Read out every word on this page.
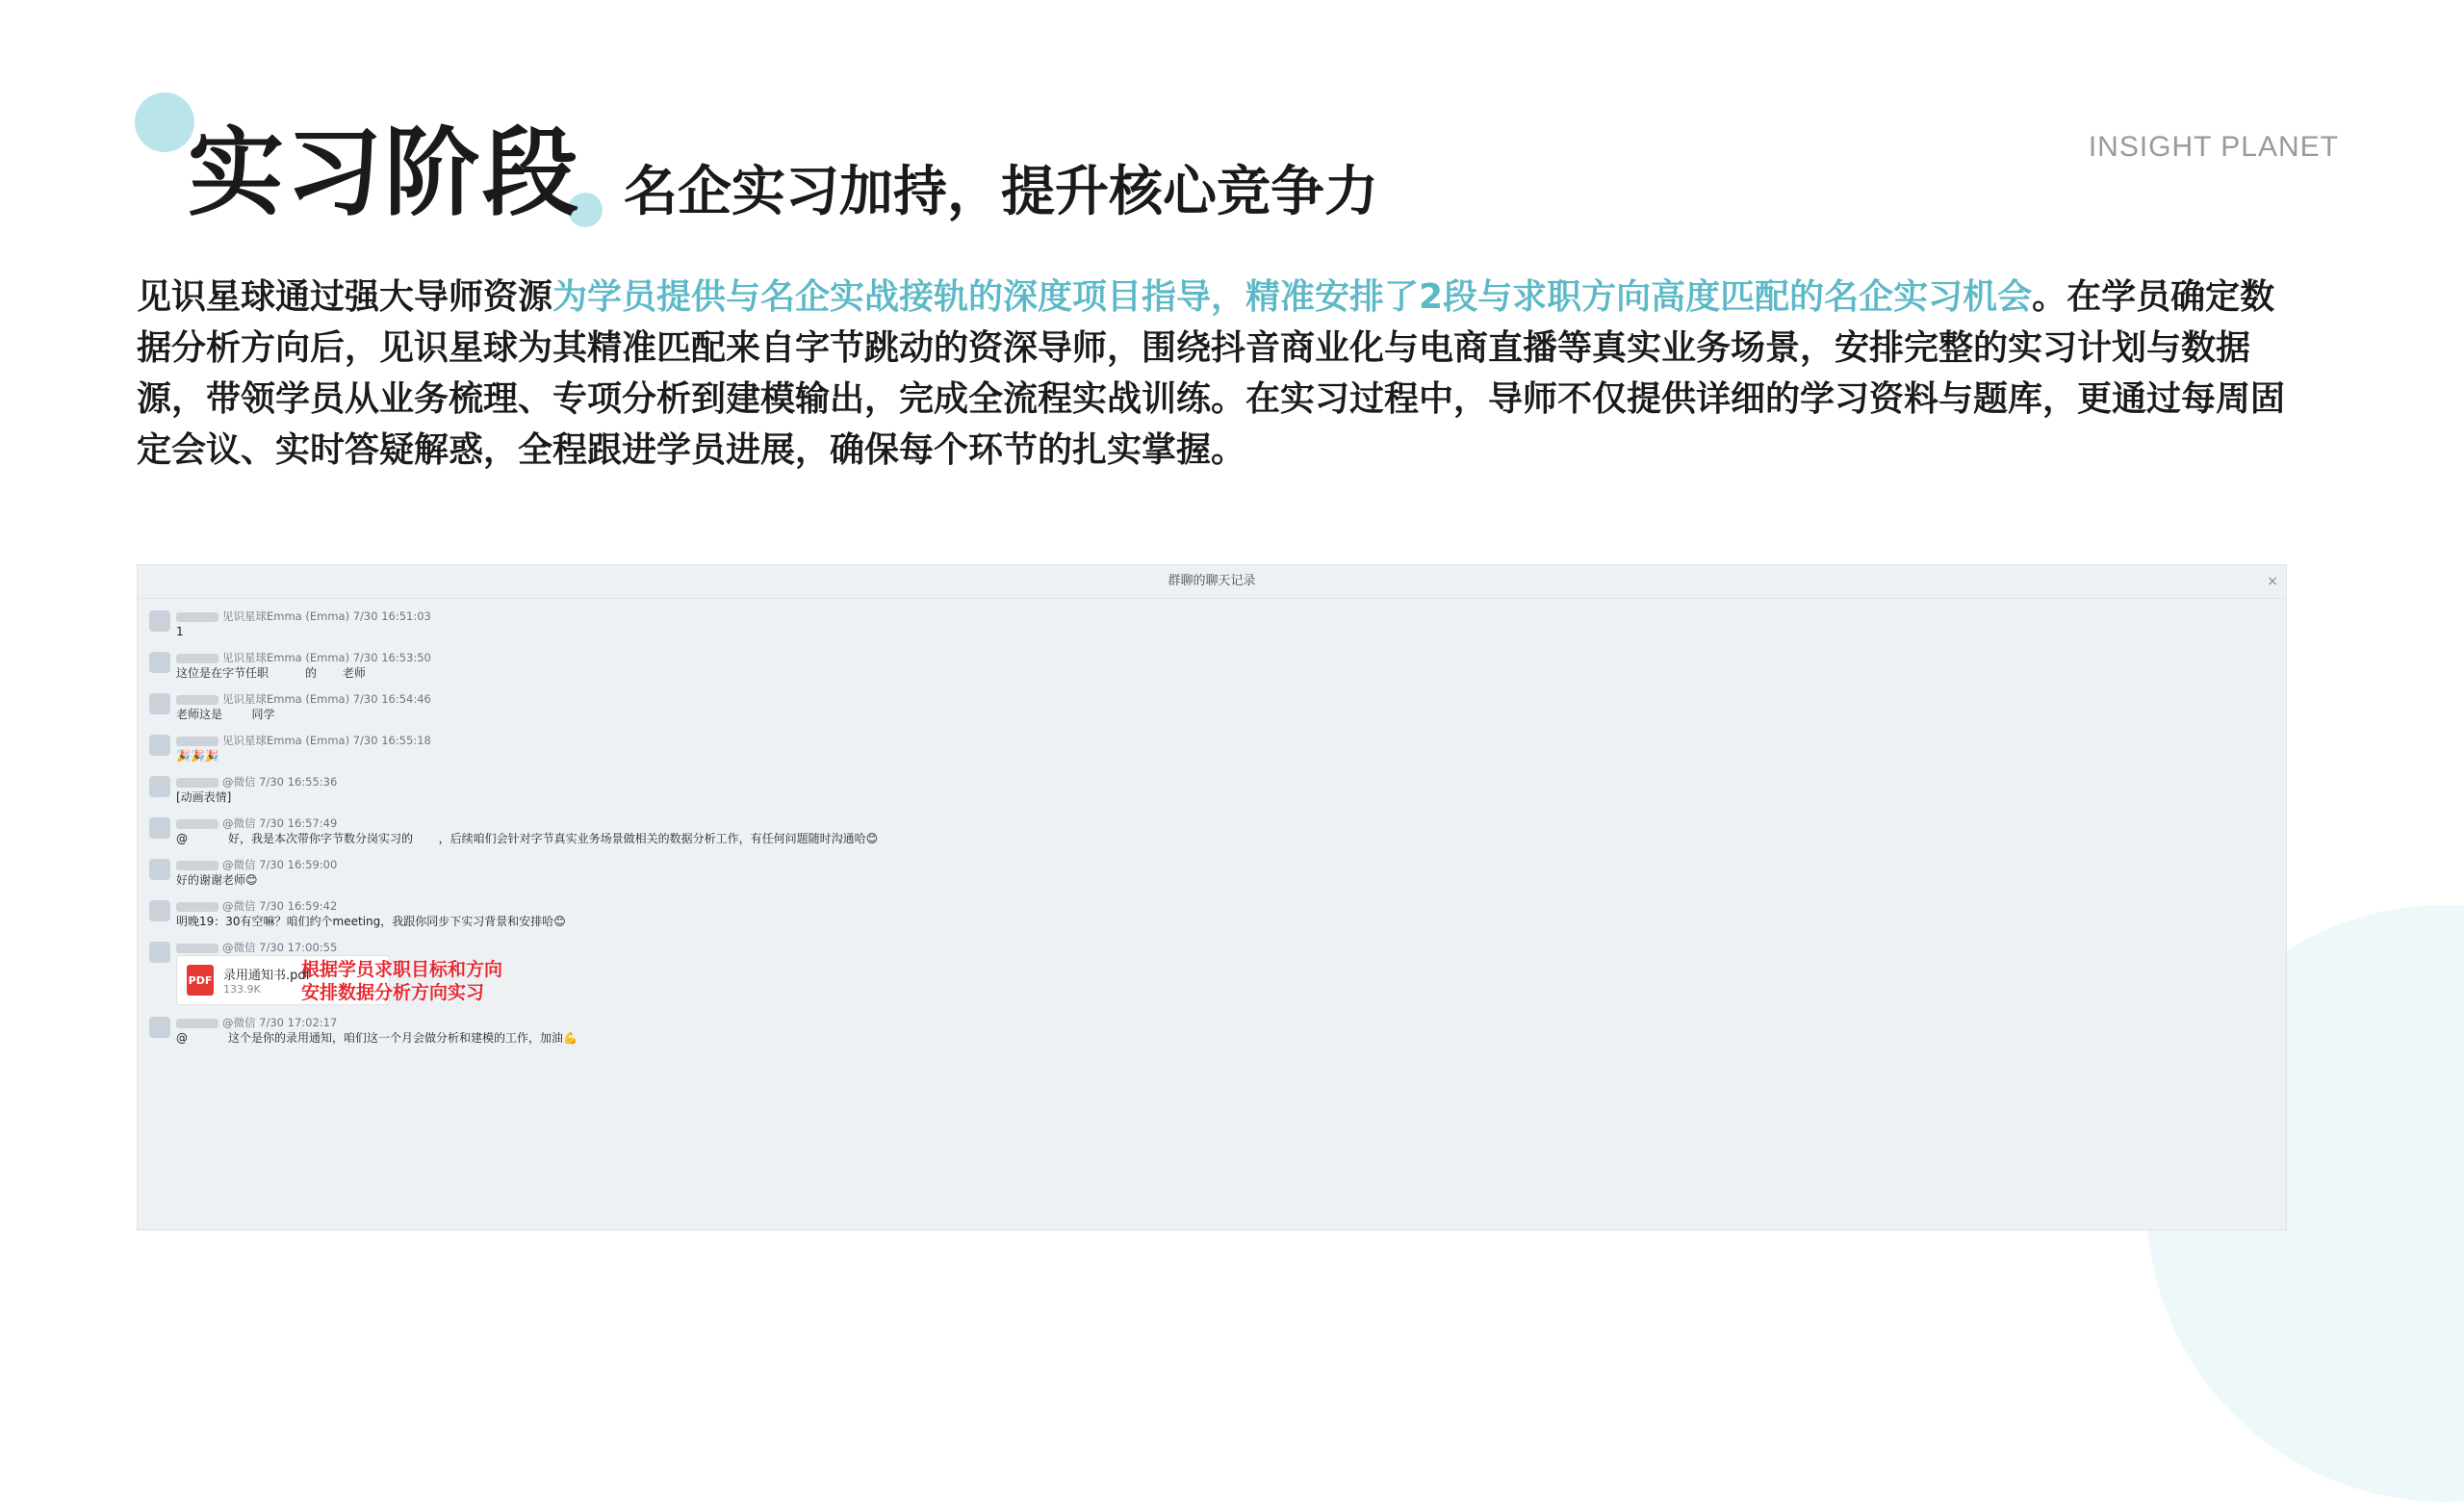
实习阶段 名企实习加持，提升核心竞争力
INSIGHT PLANET
见识星球通过强大导师资源为学员提供与名企实战接轨的深度项目指导，精准安排了2段与求职方向高度匹配的名企实习机会。在学员确定数据分析方向后，见识星球为其精准匹配来自字节跳动的资深导师，围绕抖音商业化与电商直播等真实业务场景，安排完整的实习计划与数据源，带领学员从业务梳理、专项分析到建模输出，完成全流程实战训练。在实习过程中，导师不仅提供详细的学习资料与题库，更通过每周固定会议、实时答疑解惑，全程跟进学员进展，确保每个环节的扎实掌握。
群聊的聊天记录	×
见识星球Emma (Emma) 7/30 16:51:03
1
见识星球Emma (Emma) 7/30 16:53:50
这位是在字节任职          的       老师
见识星球Emma (Emma) 7/30 16:54:46
老师这是        同学
见识星球Emma (Emma) 7/30 16:55:18
🎉🎉🎉
@微信 7/30 16:55:36
[动画表情]
@微信 7/30 16:57:49
@           好，我是本次带你字节数分岗实习的       ，后续咱们会针对字节真实业务场景做相关的数据分析工作，有任何问题随时沟通哈😊
@微信 7/30 16:59:00
好的谢谢老师😊
@微信 7/30 16:59:42
明晚19：30有空嘛？咱们约个meeting，我跟你同步下实习背景和安排哈😊
@微信 7/30 17:00:55
PDF 录用通知书.pdf
133.9K
@微信 7/30 17:02:17
@           这个是你的录用通知，咱们这一个月会做分析和建模的工作，加油💪
根据学员求职目标和方向
安排数据分析方向实习
